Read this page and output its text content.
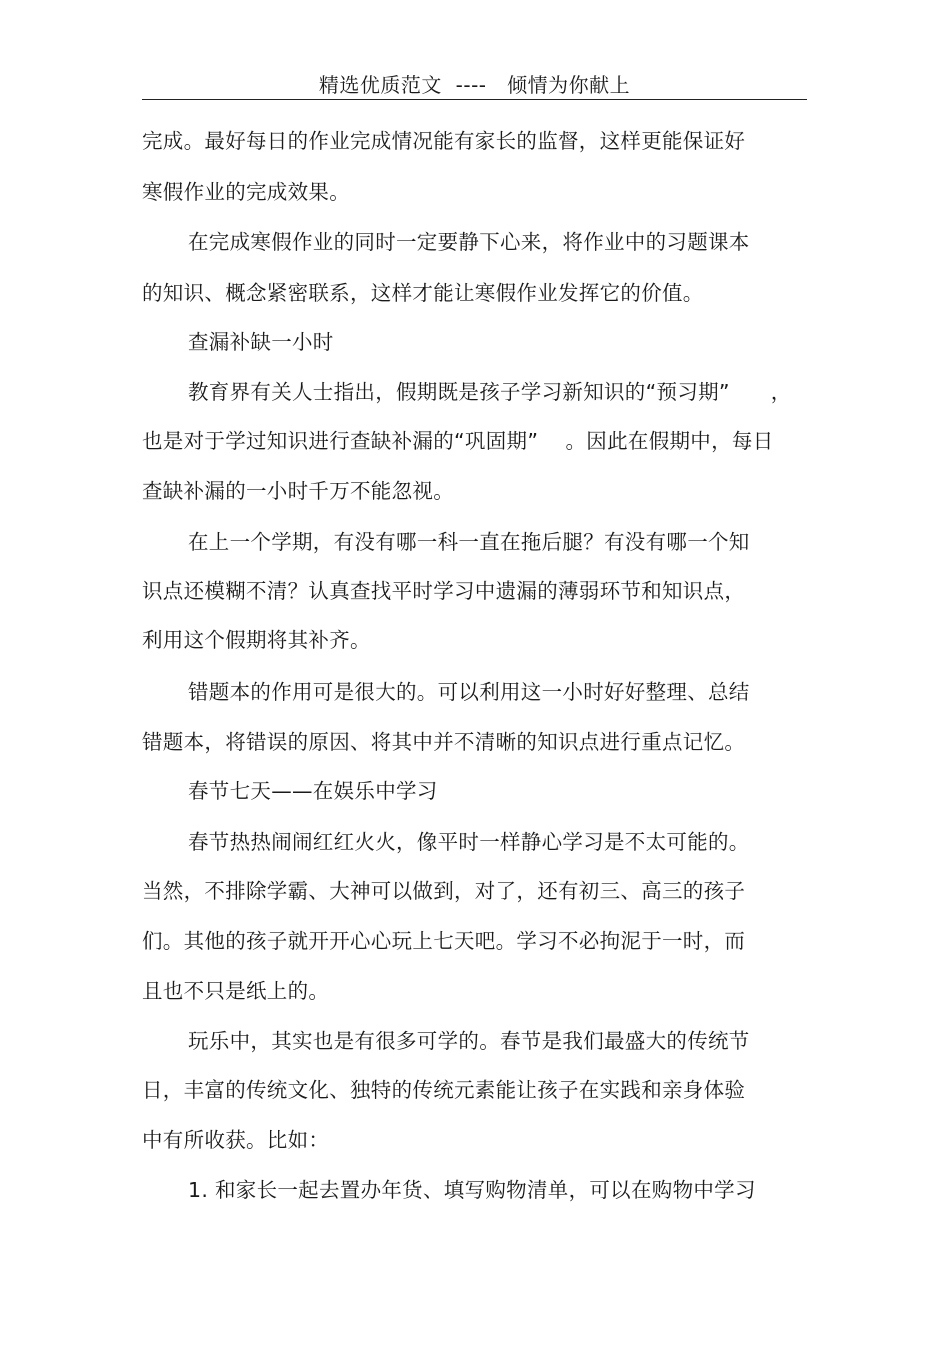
精选优质范文  ----   倾情为你献上
完成。最好每日的作业完成情况能有家长的监督，这样更能保证好
寒假作业的完成效果。
在完成寒假作业的同时一定要静下心来，将作业中的习题课本
的知识、概念紧密联系，这样才能让寒假作业发挥它的价值。
查漏补缺一小时
教育界有关人士指出，假期既是孩子学习新知识的“预习期”      ，
也是对于学过知识进行查缺补漏的“巩固期”    。因此在假期中，每日
查缺补漏的一小时千万不能忽视。
在上一个学期，有没有哪一科一直在拖后腿？有没有哪一个知
识点还模糊不清？认真查找平时学习中遗漏的薄弱环节和知识点，
利用这个假期将其补齐。
错题本的作用可是很大的。可以利用这一小时好好整理、总结
错题本，将错误的原因、将其中并不清晰的知识点进行重点记忆。
春节七天——在娱乐中学习
春节热热闹闹红红火火，像平时一样静心学习是不太可能的。
当然，不排除学霸、大神可以做到，对了，还有初三、高三的孩子
们。其他的孩子就开开心心玩上七天吧。学习不必拘泥于一时，而
且也不只是纸上的。
玩乐中，其实也是有很多可学的。春节是我们最盛大的传统节
日，丰富的传统文化、独特的传统元素能让孩子在实践和亲身体验
中有所收获。比如：
1. 和家长一起去置办年货、填写购物清单，可以在购物中学习
